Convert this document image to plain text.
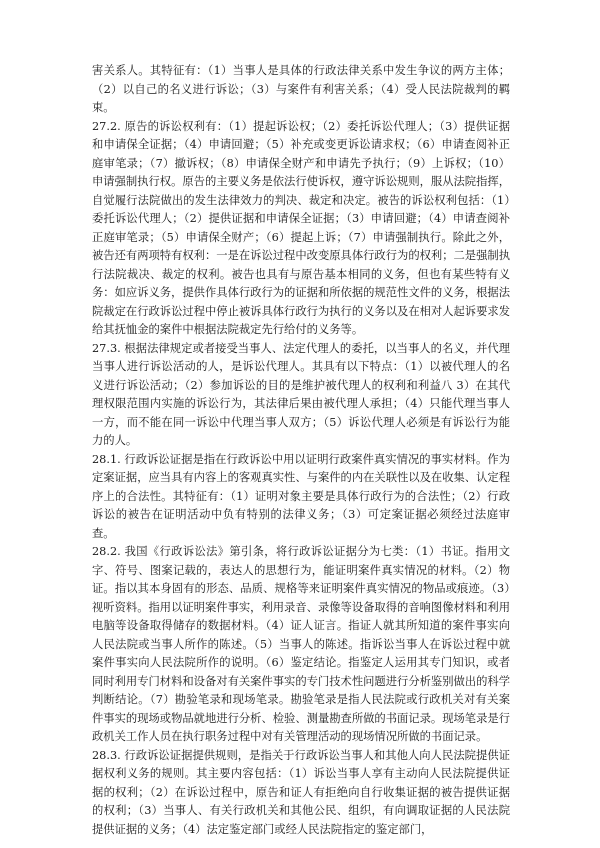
害关系人。其特征有：（1）当事人是具体的行政法律关系中发生争议的两方主体；（2）以自己的名义进行诉讼；（3）与案件有利害关系；（4）受人民法院裁判的羁束。

27.2. 原告的诉讼权利有：（1）提起诉讼权；（2）委托诉讼代理人；（3）提供证据和申请保全证据；（4）申请回避；（5）补充或变更诉讼请求权；（6）申请查阅补正庭审笔录；（7）撤诉权；（8）申请保全财产和申请先予执行；（9）上诉权；（10）申请强制执行权。原告的主要义务是依法行使诉权，遵守诉讼规则，服从法院指挥，自觉履行法院做出的发生法律效力的判决、裁定和决定。被告的诉讼权利包括：（1）委托诉讼代理人；（2）提供证据和申请保全证据；（3）申请回避；（4）申请查阅补正庭审笔录；（5）申请保全财产；（6）提起上诉；（7）申请强制执行。除此之外，被告还有两项特有权利：一是在诉讼过程中改变原具体行政行为的权利；二是强制执行法院裁决、裁定的权利。被告也具有与原告基本相同的义务，但也有某些特有义务：如应诉义务，提供作具体行政行为的证据和所依据的规范性文件的义务，根据法院裁定在行政诉讼过程中停止被诉具体行政行为执行的义务以及在相对人起诉要求发给其抚恤金的案件中根据法院裁定先行给付的义务等。

27.3. 根据法律规定或者接受当事人、法定代理人的委托，以当事人的名义，并代理当事人进行诉讼活动的人，是诉讼代理人。其具有以下特点：（1）以被代理人的名义进行诉讼活动；（2）参加诉讼的目的是维护被代理人的权利和利益八 3）在其代理权限范围内实施的诉讼行为，其法律后果由被代理人承担；（4）只能代理当事人一方，而不能在同一诉讼中代理当事人双方；（5）诉讼代理人必须是有诉讼行为能力的人。

28.1. 行政诉讼证据是指在行政诉讼中用以证明行政案件真实情况的事实材料。作为定案证据，应当具有内容上的客观真实性、与案件的内在关联性以及在收集、认定程序上的合法性。其特征有：（1）证明对象主要是具体行政行为的合法性；（2）行政诉讼的被告在证明活动中负有特别的法律义务；（3）可定案证据必须经过法庭审查。

28.2. 我国《行政诉讼法》第引条，将行政诉讼证据分为七类：（1）书证。指用文字、符号、图案记载的，表达人的思想行为，能证明案件真实情况的材料。（2）物证。指以其本身固有的形态、品质、规格等来证明案件真实情况的物品或痕迹。（3）视听资料。指用以证明案件事实，利用录音、录像等设备取得的音响图像材料和利用电脑等设备取得储存的数据材料。（4）证人证言。指证人就其所知道的案件事实向人民法院或当事人所作的陈述。（5）当事人的陈述。指诉讼当事人在诉讼过程中就案件事实向人民法院所作的说明。（6）鉴定结论。指鉴定人运用其专门知识，或者同时利用专门材料和设备对有关案件事实的专门技术性问题进行分析鉴别做出的科学判断结论。（7）勘验笔录和现场笔录。勘验笔录是指人民法院或行政机关对有关案件事实的现场或物品就地进行分析、检验、测量勘查所做的书面记录。现场笔录是行政机关工作人员在执行职务过程中对有关管理活动的现场情况所做的书面记录。

28.3. 行政诉讼证据提供规则，是指关于行政诉讼当事人和其他人向人民法院提供证据权利义务的规则。其主要内容包括：（1）诉讼当事人享有主动向人民法院提供证据的权利；（2）在诉讼过程中，原告和证人有拒绝向自行收集证据的被告提供证据的权利；（3）当事人、有关行政机关和其他公民、组织，有向调取证据的人民法院提供证据的义务；（4）法定鉴定部门或经人民法院指定的鉴定部门，
